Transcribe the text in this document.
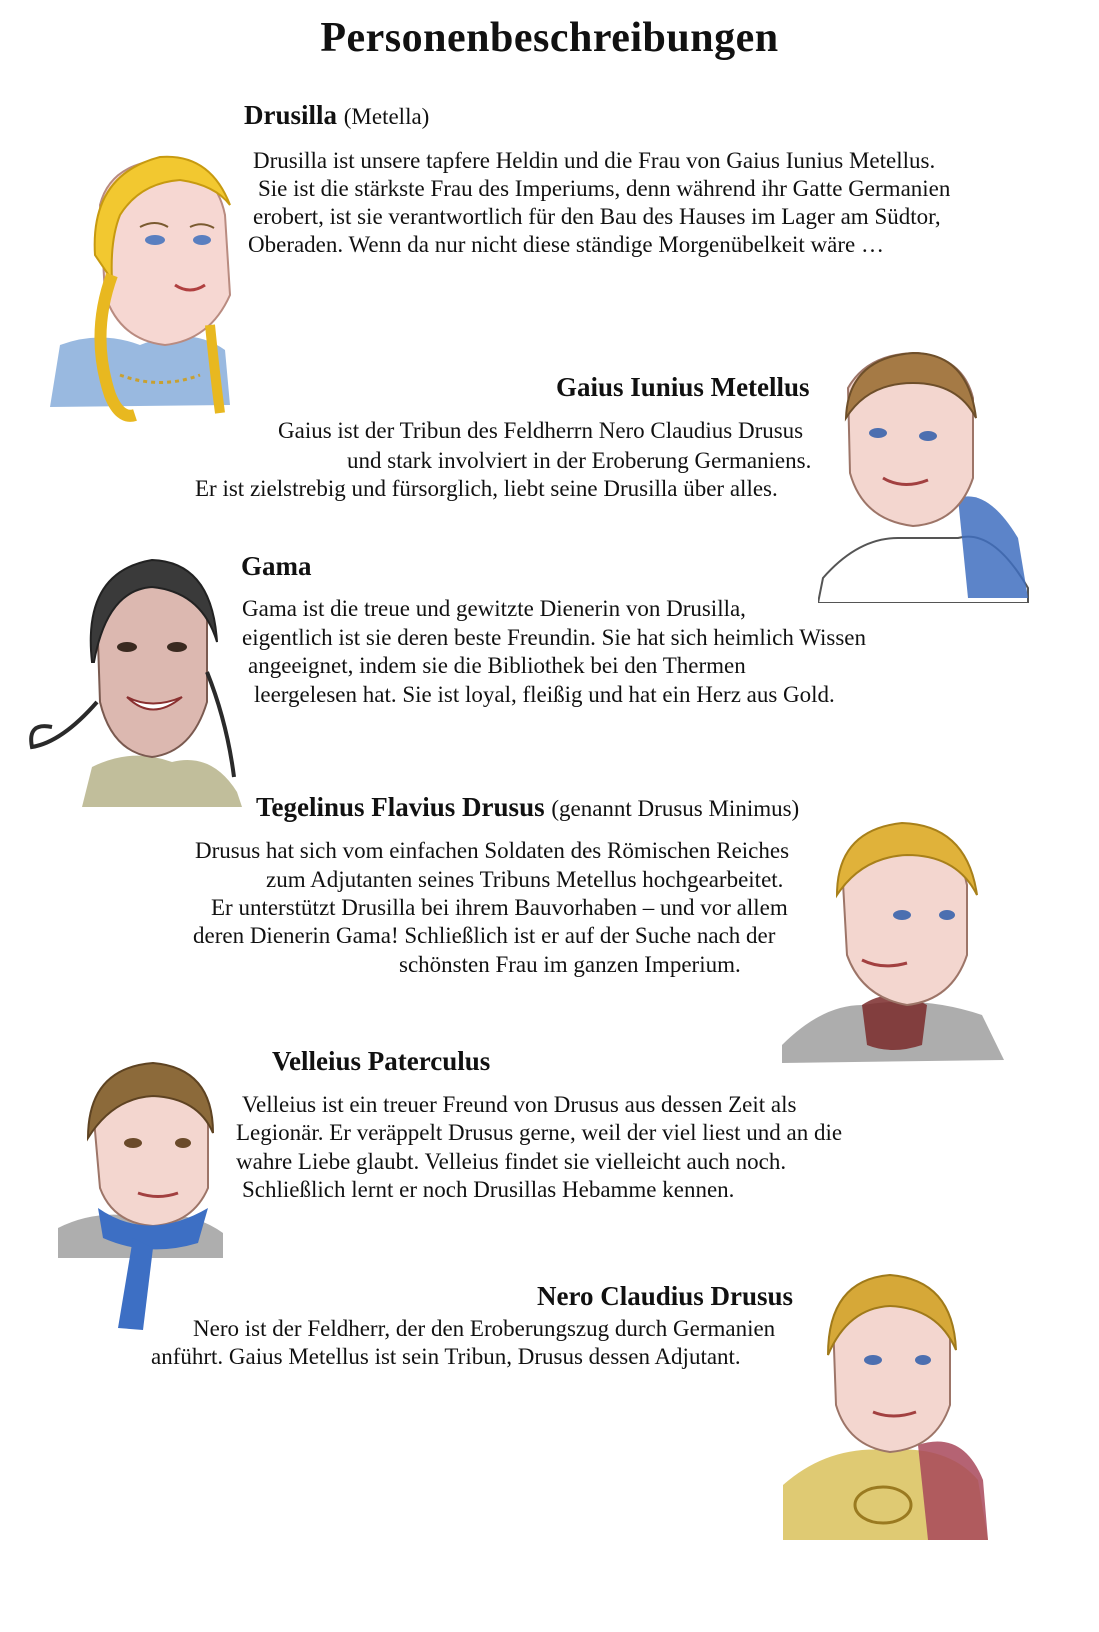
Personenbeschreibungen
Drusilla (Metella)
Drusilla ist unsere tapfere Heldin und die Frau von Gaius Iunius Metellus.
Sie ist die stärkste Frau des Imperiums, denn während ihr Gatte Germanien
erobert, ist sie verantwortlich für den Bau des Hauses im Lager am Südtor,
Oberaden. Wenn da nur nicht diese ständige Morgenübelkeit wäre …
Gaius Iunius Metellus
Gaius ist der Tribun des Feldherrn Nero Claudius Drusus
und stark involviert in der Eroberung Germaniens.
Er ist zielstrebig und fürsorglich, liebt seine Drusilla über alles.
Gama
Gama ist die treue und gewitzte Dienerin von Drusilla,
eigentlich ist sie deren beste Freundin. Sie hat sich heimlich Wissen
angeeignet, indem sie die Bibliothek bei den Thermen
leergelesen hat. Sie ist loyal, fleißig und hat ein Herz aus Gold.
Tegelinus Flavius Drusus (genannt Drusus Minimus)
Drusus hat sich vom einfachen Soldaten des Römischen Reiches
zum Adjutanten seines Tribuns Metellus hochgearbeitet.
Er unterstützt Drusilla bei ihrem Bauvorhaben – und vor allem
deren Dienerin Gama! Schließlich ist er auf der Suche nach der
schönsten Frau im ganzen Imperium.
Velleius Paterculus
Velleius ist ein treuer Freund von Drusus aus dessen Zeit als
Legionär. Er veräppelt Drusus gerne, weil der viel liest und an die
wahre Liebe glaubt. Velleius findet sie vielleicht auch noch.
Schließlich lernt er noch Drusillas Hebamme kennen.
Nero Claudius Drusus
Nero ist der Feldherr, der den Eroberungszug durch Germanien
anführt. Gaius Metellus ist sein Tribun, Drusus dessen Adjutant.
